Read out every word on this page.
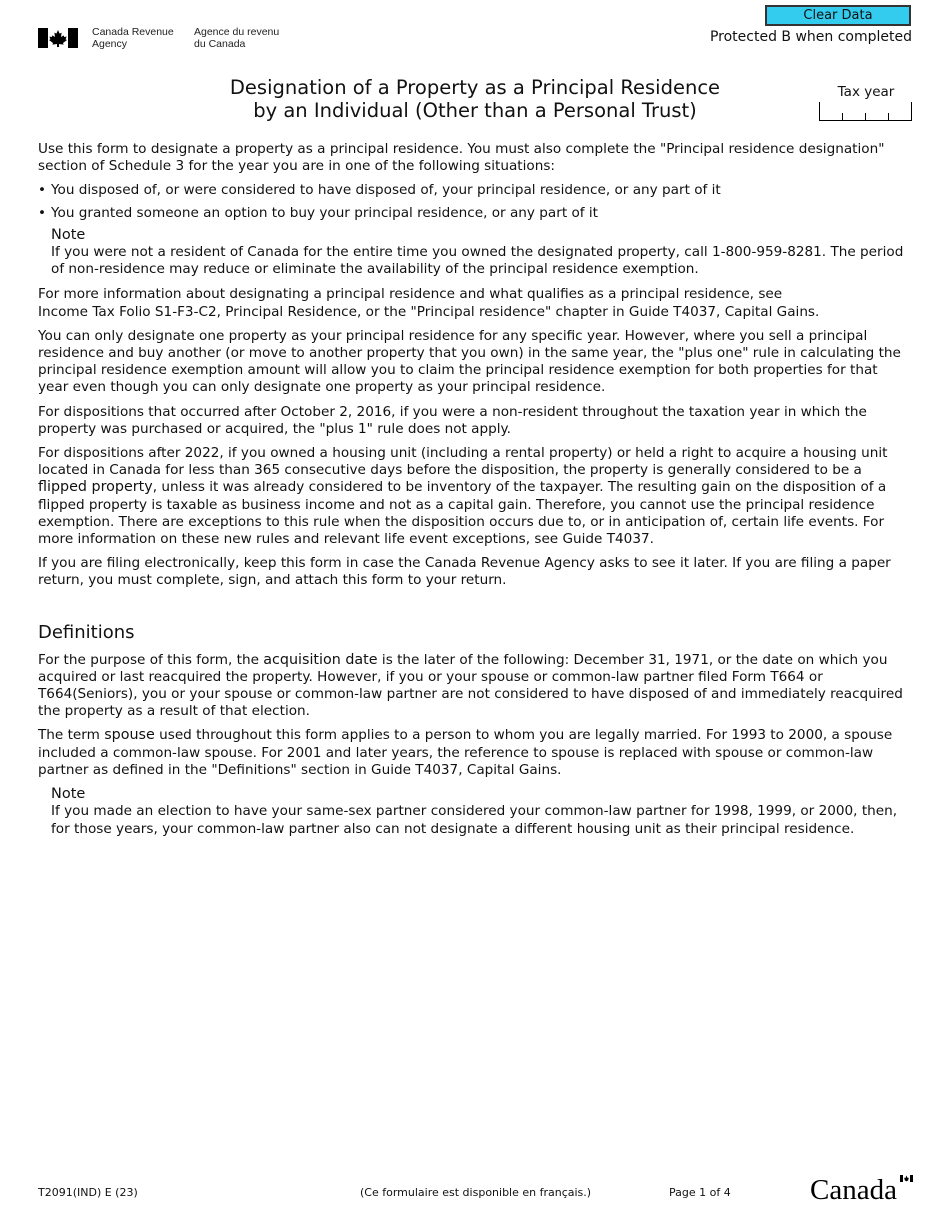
Canada Revenue
Agency
Agence du revenu
du Canada
Clear Data
Protected B when completed
Designation of a Property as a Principal Residence
by an Individual (Other than a Personal Trust)
Tax year

Use this form to designate a property as a principal residence. You must also complete the "Principal residence designation" section of Schedule 3 for the year you are in one of the following situations:

• You disposed of, or were considered to have disposed of, your principal residence, or any part of it
• You granted someone an option to buy your principal residence, or any part of it
Note
If you were not a resident of Canada for the entire time you owned the designated property, call 1-800-959-8281. The period of non-residence may reduce or eliminate the availability of the principal residence exemption.

For more information about designating a principal residence and what qualifies as a principal residence, see
Income Tax Folio S1-F3-C2, Principal Residence, or the "Principal residence" chapter in Guide T4037, Capital Gains.

You can only designate one property as your principal residence for any specific year. However, where you sell a principal residence and buy another (or move to another property that you own) in the same year, the "plus one" rule in calculating the principal residence exemption amount will allow you to claim the principal residence exemption for both properties for that year even though you can only designate one property as your principal residence.

For dispositions that occurred after October 2, 2016, if you were a non-resident throughout the taxation year in which the property was purchased or acquired, the "plus 1" rule does not apply.

For dispositions after 2022, if you owned a housing unit (including a rental property) or held a right to acquire a housing unit located in Canada for less than 365 consecutive days before the disposition, the property is generally considered to be a flipped property, unless it was already considered to be inventory of the taxpayer. The resulting gain on the disposition of a flipped property is taxable as business income and not as a capital gain. Therefore, you cannot use the principal residence exemption. There are exceptions to this rule when the disposition occurs due to, or in anticipation of, certain life events. For more information on these new rules and relevant life event exceptions, see Guide T4037.

If you are filing electronically, keep this form in case the Canada Revenue Agency asks to see it later. If you are filing a paper return, you must complete, sign, and attach this form to your return.

Definitions

For the purpose of this form, the acquisition date is the later of the following: December 31, 1971, or the date on which you acquired or last reacquired the property. However, if you or your spouse or common-law partner filed Form T664 or T664(Seniors), you or your spouse or common-law partner are not considered to have disposed of and immediately reacquired the property as a result of that election.

The term spouse used throughout this form applies to a person to whom you are legally married. For 1993 to 2000, a spouse included a common-law spouse. For 2001 and later years, the reference to spouse is replaced with spouse or common-law partner as defined in the "Definitions" section in Guide T4037, Capital Gains.

Note
If you made an election to have your same-sex partner considered your common-law partner for 1998, 1999, or 2000, then, for those years, your common-law partner also can not designate a different housing unit as their principal residence.
T2091(IND) E (23)	(Ce formulaire est disponible en français.)	Page 1 of 4	Canada
